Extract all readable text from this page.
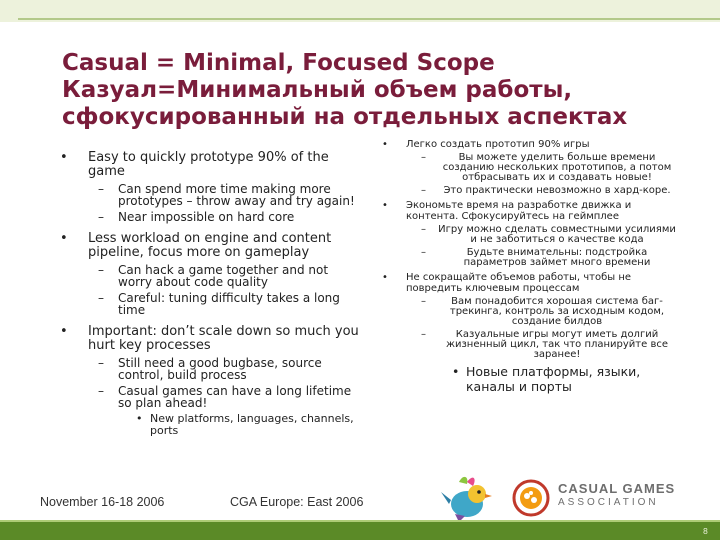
Casual = Minimal, Focused Scope
Казуал=Минимальный объем работы,
сфокусированный на отдельных аспектах
• Easy to quickly prototype 90% of the game
– Can spend more time making more prototypes – throw away and try again!
– Near impossible on hard core
• Less workload on engine and content pipeline, focus more on gameplay
– Can hack a game together and not worry about code quality
– Careful: tuning difficulty takes a long time
• Important: don’t scale down so much you hurt key processes
– Still need a good bugbase, source control, build process
– Casual games can have a long lifetime so plan ahead!
• New platforms, languages, channels, ports
• Легко создать прототип 90% игры
–	Вы можете уделить больше времени созданию нескольких прототипов, а потом отбрасывать их и создавать новые!
– Это практически невозможно в хард-коре.
• Экономьте время на разработке движка и контента. Сфокусируйтесь на геймплее
– Игру можно сделать совместными усилиями и не заботиться о качестве кода
–	Будьте внимательны: подстройка параметров займет много времени
• Не сокращайте объемов работы, чтобы не повредить ключевым процессам
–	Вам понадобится хорошая система баг-трекинга, контроль за исходным кодом, создание билдов
–	Казуальные игры могут иметь долгий жизненный цикл, так что планируйте все заранее!
• Новые платформы, языки, каналы и порты
November 16-18 2006	CGA Europe: East 2006
CASUAL GAMES
ASSOCIATION
8
